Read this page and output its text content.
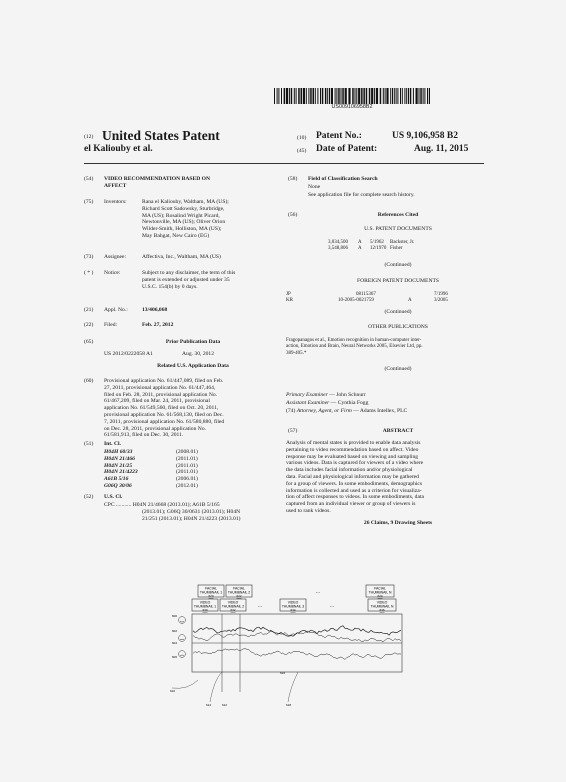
US009106958B2
(12) United States Patent
el Kaliouby et al.
(10) Patent No.:	US 9,106,958 B2
(45) Date of Patent:	Aug. 11, 2015
(54) VIDEO RECOMMENDATION BASED ON
AFFECT
(75) Inventors:	Rana el Kaliouby, Waltham, MA (US);
Richard Scott Sadowsky, Sturbridge,
MA (US); Rosalind Wright Picard,
Newtonville, MA (US); Oliver Orion
Wilder-Smith, Holliston, MA (US);
May Bahgat, New Cairo (EG)
(73) Assignee:	Affectiva, Inc., Waltham, MA (US)
( * ) Notice:	Subject to any disclaimer, the term of this
patent is extended or adjusted under 35
U.S.C. 154(b) by 0 days.
(21) Appl. No.:	13/406,068
(22) Filed:	Feb. 27, 2012
(65)	Prior Publication Data
US 2012/0222058 A1	Aug. 30, 2012
Related U.S. Application Data
(60) Provisional application No. 61/447,089, filed on Feb.
27, 2011, provisional application No. 61/447,464,
filed on Feb. 28, 2011, provisional application No.
61/467,209, filed on Mar. 24, 2011, provisional
application No. 61/549,560, filed on Oct. 20, 2011,
provisional application No. 61/568,130, filed on Dec.
7, 2011, provisional application No. 61/580,880, filed
on Dec. 28, 2011, provisional application No.
61/581,913, filed on Dec. 30, 2011.
(51) Int. Cl.
H04H 60/33	(2008.01)
H04N 21/466	(2011.01)
H04N 21/25	(2011.01)
H04N 21/4223	(2011.01)
A61B 5/16	(2006.01)
G06Q 30/06	(2012.01)
(52) U.S. Cl.
CPC ........... H04N 21/4668 (2013.01); A61B 5/165
(2013.01); G06Q 30/0631 (2013.01); H04N
21/251 (2013.01); H04N 21/4223 (2013.01)
(58) Field of Classification Search
None
See application file for complete search history.
(56)	References Cited
U.S. PATENT DOCUMENTS
3,034,500	A	5/1962	Backster, Jr.
3,548,806	A	12/1970 Fisher
(Continued)
FOREIGN PATENT DOCUMENTS
JP	08115367	7/1996
KR	10-2005-0021759	A	3/2005
(Continued)
OTHER PUBLICATIONS
Fragopanagos et al., Emotion recognition in human-computer inter-
action, Emotion and Brain, Neural Networks 2005, Elsevier Ltd, pp.
389-405.*
(Continued)
Primary Examiner — John Schnurr
Assistant Examiner — Cynthia Fogg
(74) Attorney, Agent, or Firm — Adams Intellex, PLC
(57)	ABSTRACT
Analysis of mental states is provided to enable data analysis
pertaining to video recommendation based on affect. Video
response may be evaluated based on viewing and sampling
various videos. Data is captured for viewers of a video where
the data includes facial information and/or physiological
data. Facial and physiological information may be gathered
for a group of viewers. In some embodiments, demographics
information is collected and used as a criterion for visualiza-
tion of affect responses to videos. In some embodiments, data
captured from an individual viewer or group of viewers is
used to rank videos.
26 Claims, 9 Drawing Sheets
FACIAL
THUMBNAIL 1
620
FACIAL
THUMBNAIL 2
622
...
FACIAL
THUMBNAIL N
624
VIDEO
THUMBNAIL 1
630
VIDEO
THUMBNAIL 2
632
...
VIDEO
THUMBNAIL 3
634
...
VIDEO
THUMBNAIL N
636
600
602
604
606
610
614	612	618
616
